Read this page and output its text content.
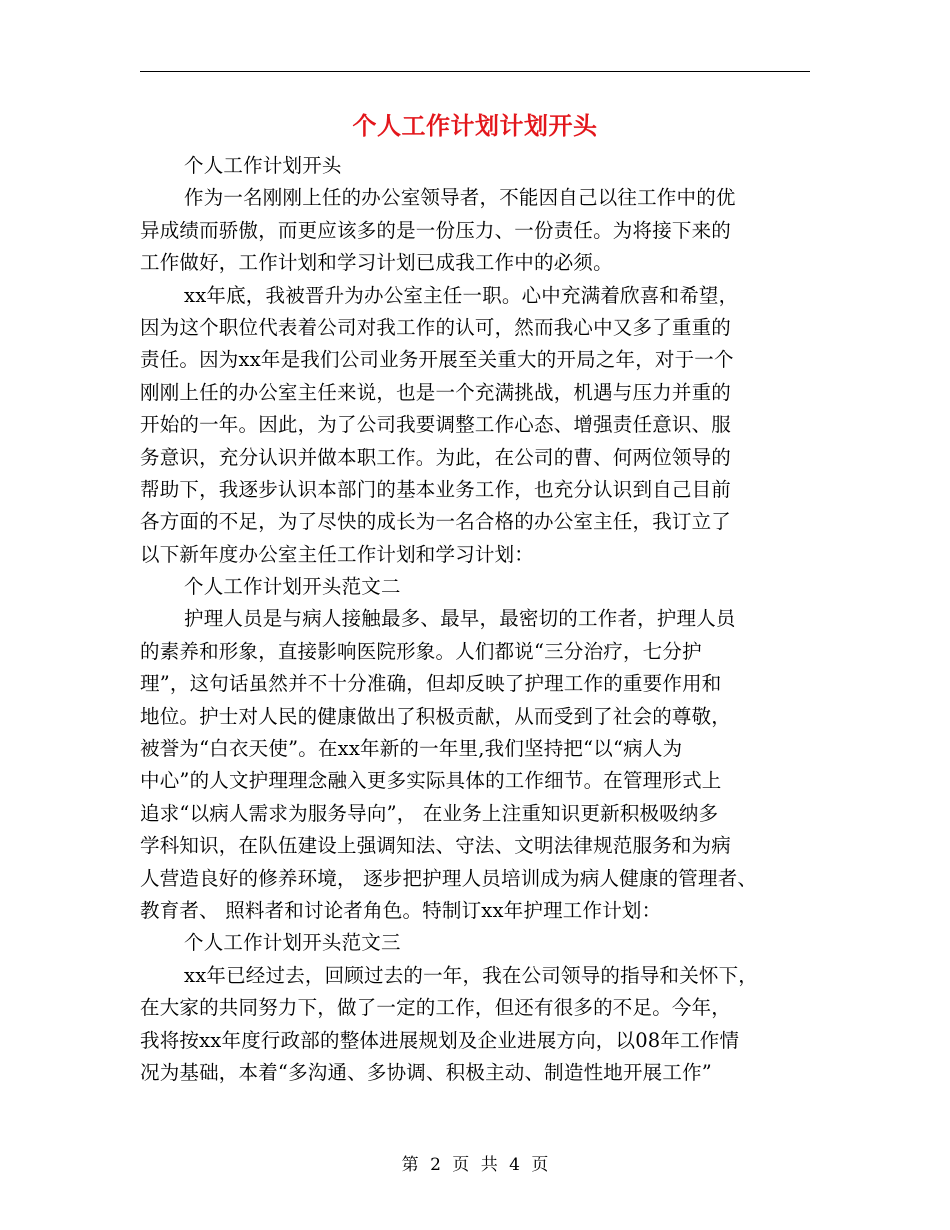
个人工作计划计划开头
个人工作计划开头
作为一名刚刚上任的办公室领导者，不能因自己以往工作中的优
异成绩而骄傲，而更应该多的是一份压力、一份责任。为将接下来的
工作做好，工作计划和学习计划已成我工作中的必须。
xx年底，我被晋升为办公室主任一职。心中充满着欣喜和希望，
因为这个职位代表着公司对我工作的认可，然而我心中又多了重重的
责任。因为xx年是我们公司业务开展至关重大的开局之年，对于一个
刚刚上任的办公室主任来说，也是一个充满挑战，机遇与压力并重的
开始的一年。因此，为了公司我要调整工作心态、增强责任意识、服
务意识，充分认识并做本职工作。为此，在公司的曹、何两位领导的
帮助下，我逐步认识本部门的基本业务工作，也充分认识到自己目前
各方面的不足，为了尽快的成长为一名合格的办公室主任，我订立了
以下新年度办公室主任工作计划和学习计划：
个人工作计划开头范文二
护理人员是与病人接触最多、最早，最密切的工作者，护理人员
的素养和形象，直接影响医院形象。人们都说“三分治疗，七分护
理”，这句话虽然并不十分准确，但却反映了护理工作的重要作用和
地位。护士对人民的健康做出了积极贡献，从而受到了社会的尊敬，
被誉为“白衣天使”。在xx年新的一年里,我们坚持把“以“病人为
中心”的人文护理理念融入更多实际具体的工作细节。在管理形式上
追求“以病人需求为服务导向”， 在业务上注重知识更新积极吸纳多
学科知识，在队伍建设上强调知法、守法、文明法律规范服务和为病
人营造良好的修养环境， 逐步把护理人员培训成为病人健康的管理者、
教育者、 照料者和讨论者角色。特制订xx年护理工作计划：
个人工作计划开头范文三
xx年已经过去，回顾过去的一年，我在公司领导的指导和关怀下，
在大家的共同努力下，做了一定的工作，但还有很多的不足。今年，
我将按xx年度行政部的整体进展规划及企业进展方向，以08年工作情
况为基础，本着“多沟通、多协调、积极主动、制造性地开展工作”
第 2 页 共 4 页
